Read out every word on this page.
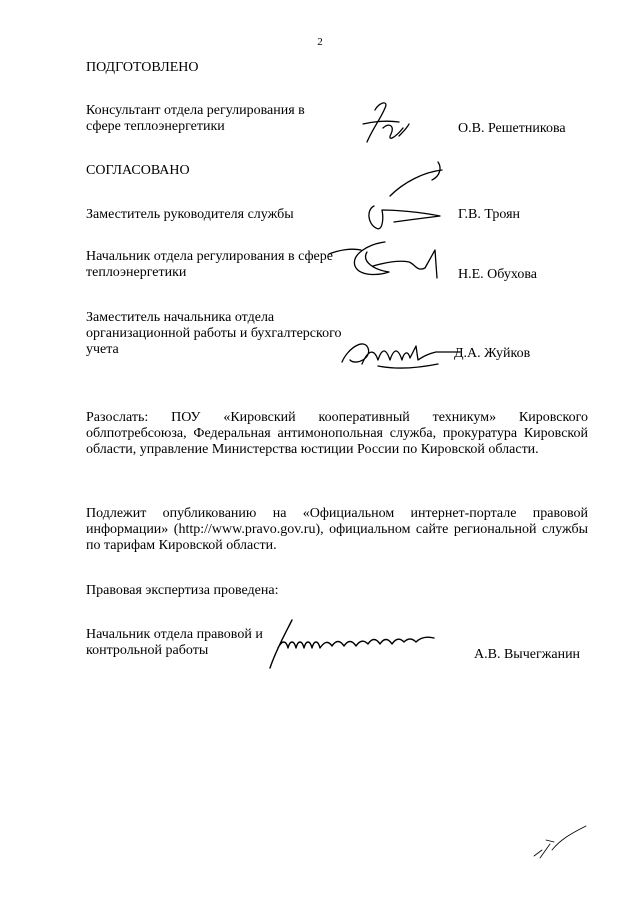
2
ПОДГОТОВЛЕНО
Консультант отдела регулирования в сфере теплоэнергетики	О.В. Решетникова
СОГЛАСОВАНО
Заместитель руководителя службы	Г.В. Троян
Начальник отдела регулирования в сфере теплоэнергетики	Н.Е. Обухова
Заместитель начальника отдела организационной работы и бухгалтерского учета	Д.А. Жуйков
Разослать: ПОУ «Кировский кооперативный техникум» Кировского облпотребсоюза, Федеральная антимонопольная служба, прокуратура Кировской области, управление Министерства юстиции России по Кировской области.
Подлежит опубликованию на «Официальном интернет-портале правовой информации» (http://www.pravo.gov.ru), официальном сайте региональной службы по тарифам Кировской области.
Правовая экспертиза проведена:
Начальник отдела правовой и контрольной работы	А.В. Вычегжанин
